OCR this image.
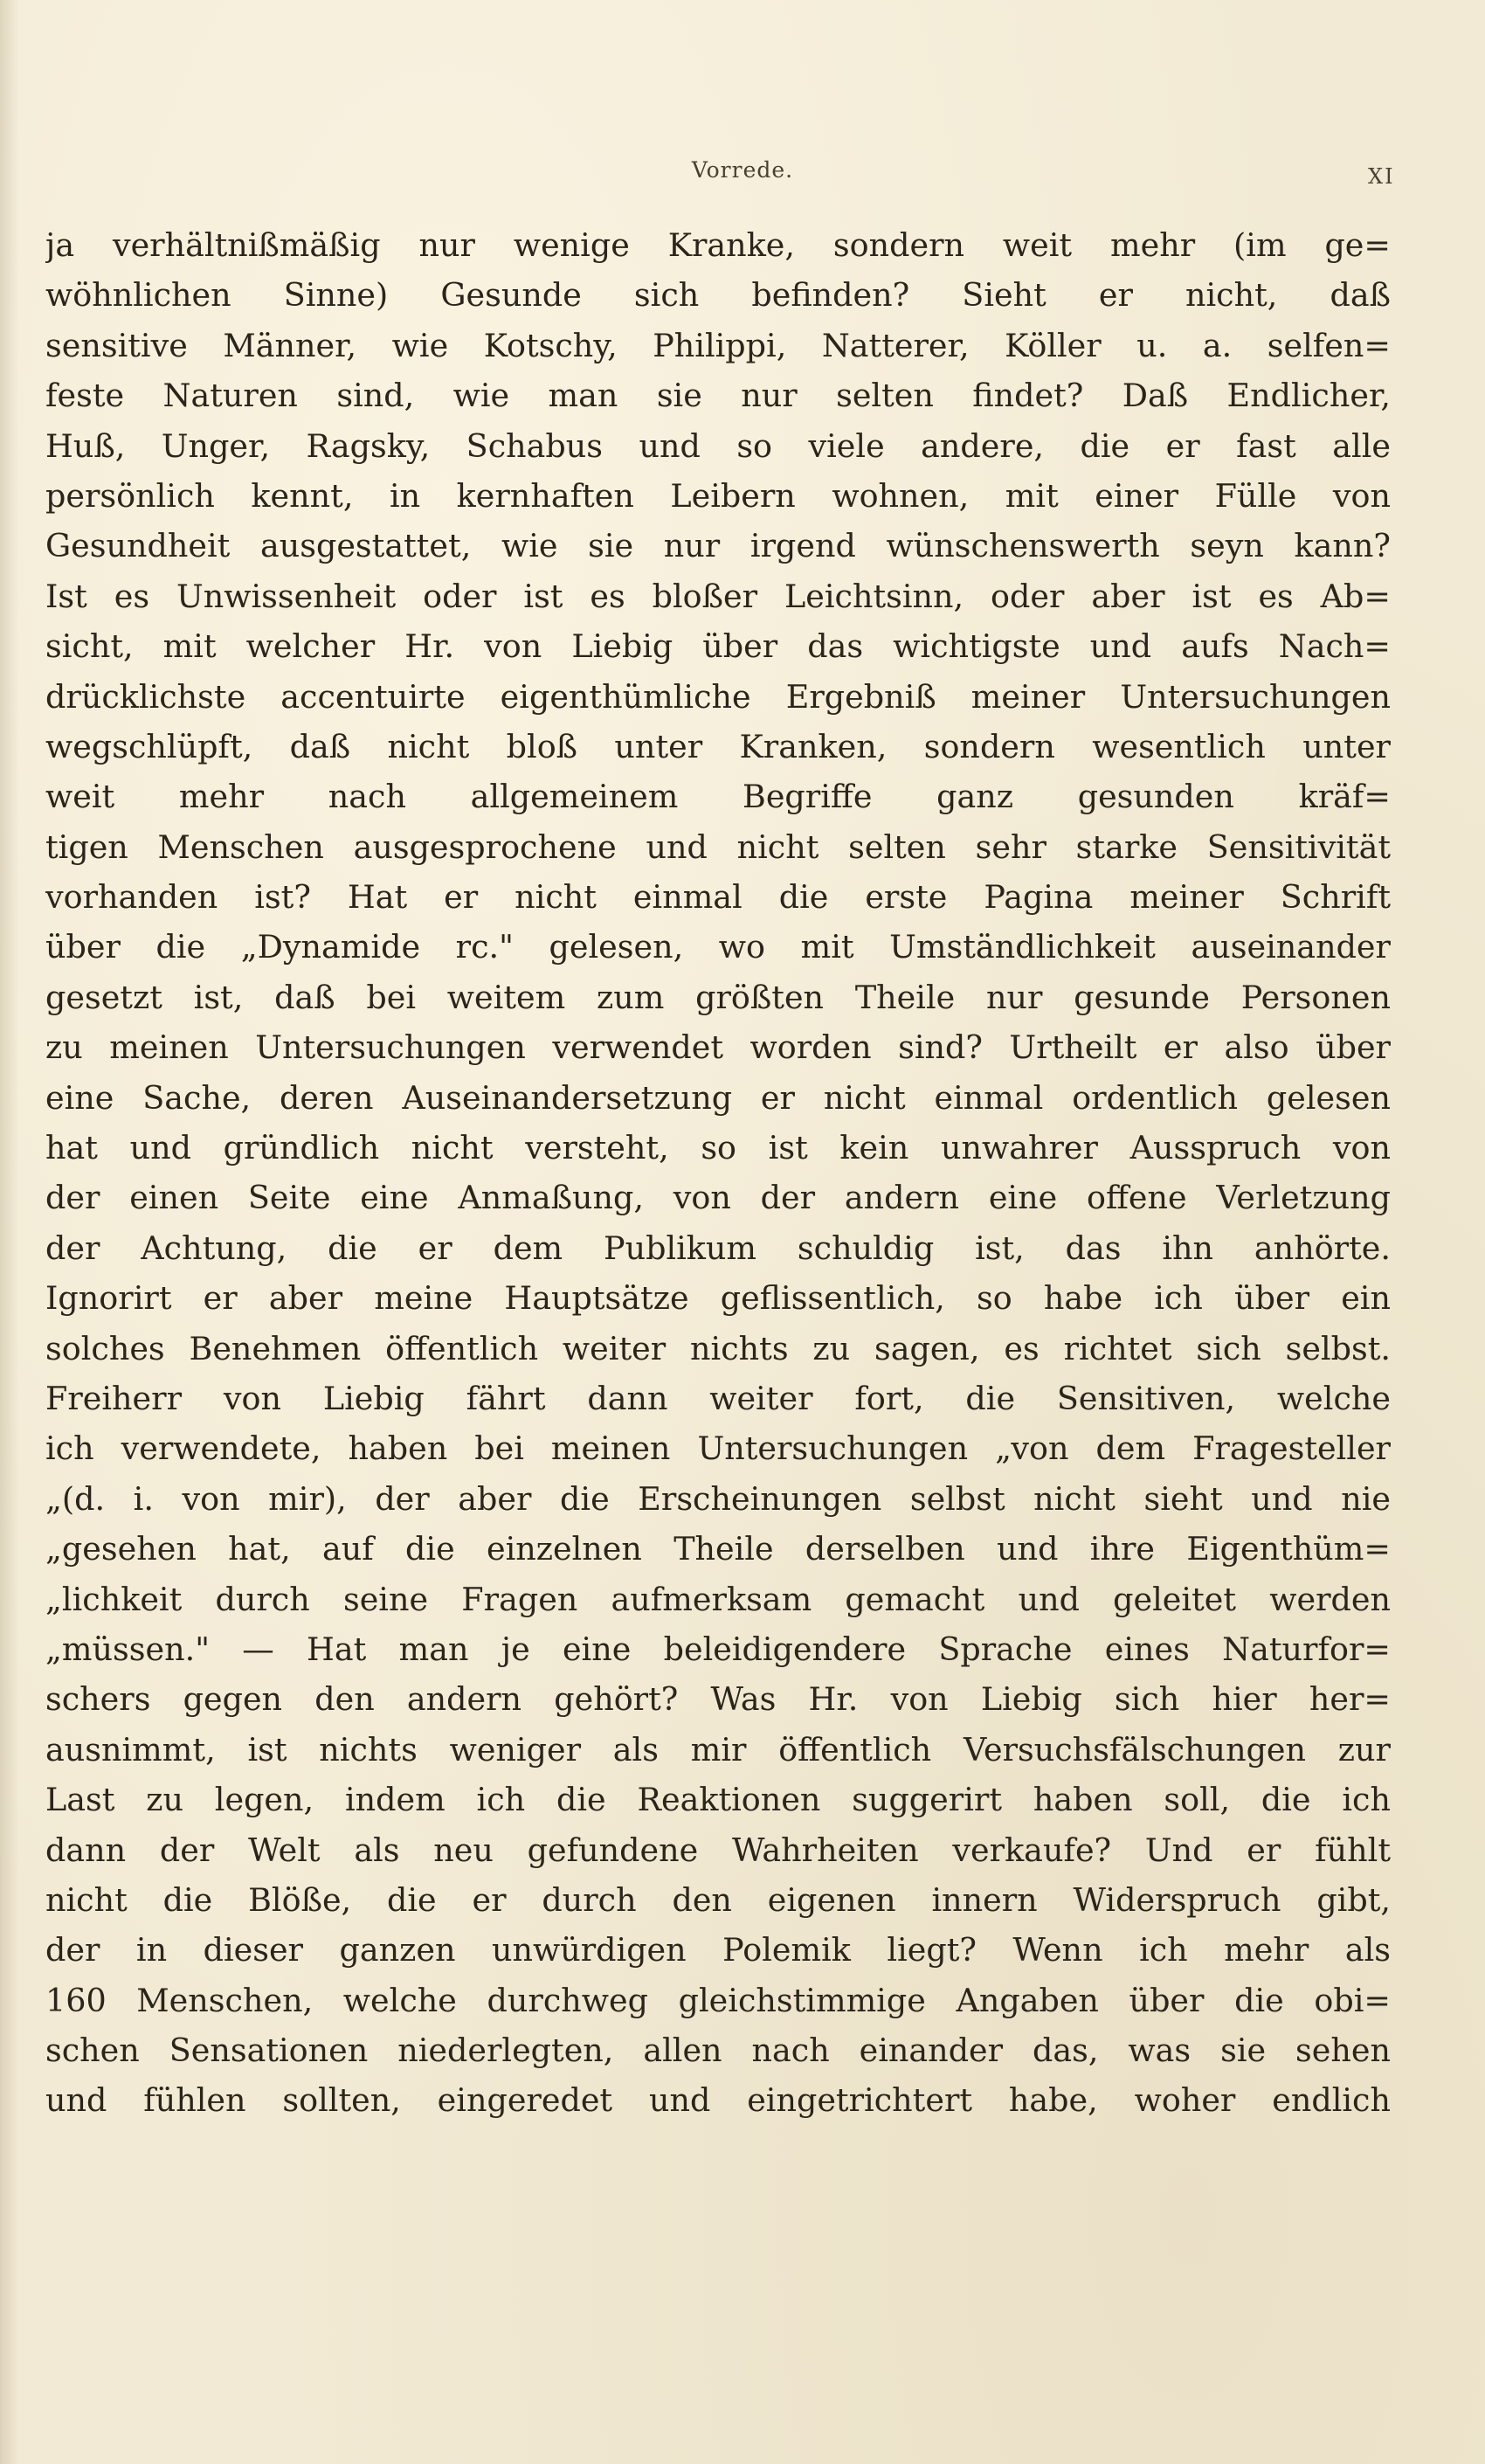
Vorrede.	XI
ja verhältnißmäßig nur wenige Kranke, sondern weit mehr (im ge=
wöhnlichen Sinne) Gesunde sich befinden? Sieht er nicht, daß
sensitive Männer, wie Kotschy, Philippi, Natterer, Köller u. a. selfen=
feste Naturen sind, wie man sie nur selten findet? Daß Endlicher,
Huß, Unger, Ragsky, Schabus und so viele andere, die er fast alle
persönlich kennt, in kernhaften Leibern wohnen, mit einer Fülle von
Gesundheit ausgestattet, wie sie nur irgend wünschenswerth seyn kann?
Ist es Unwissenheit oder ist es bloßer Leichtsinn, oder aber ist es Ab=
sicht, mit welcher Hr. von Liebig über das wichtigste und aufs Nach=
drücklichste accentuirte eigenthümliche Ergebniß meiner Untersuchungen
wegschlüpft, daß nicht bloß unter Kranken, sondern wesentlich unter
weit mehr nach allgemeinem Begriffe ganz gesunden kräf=
tigen Menschen ausgesprochene und nicht selten sehr starke Sensitivität
vorhanden ist? Hat er nicht einmal die erste Pagina meiner Schrift
über die „Dynamide rc." gelesen, wo mit Umständlichkeit auseinander
gesetzt ist, daß bei weitem zum größten Theile nur gesunde Personen
zu meinen Untersuchungen verwendet worden sind? Urtheilt er also über
eine Sache, deren Auseinandersetzung er nicht einmal ordentlich gelesen
hat und gründlich nicht versteht, so ist kein unwahrer Ausspruch von
der einen Seite eine Anmaßung, von der andern eine offene Verletzung
der Achtung, die er dem Publikum schuldig ist, das ihn anhörte.
Ignorirt er aber meine Hauptsätze geflissentlich, so habe ich über ein
solches Benehmen öffentlich weiter nichts zu sagen, es richtet sich selbst.
Freiherr von Liebig fährt dann weiter fort, die Sensitiven, welche
ich verwendete, haben bei meinen Untersuchungen „von dem Fragesteller
„(d. i. von mir), der aber die Erscheinungen selbst nicht sieht und nie
„gesehen hat, auf die einzelnen Theile derselben und ihre Eigenthüm=
„lichkeit durch seine Fragen aufmerksam gemacht und geleitet werden
„müssen." — Hat man je eine beleidigendere Sprache eines Naturfor=
schers gegen den andern gehört? Was Hr. von Liebig sich hier her=
ausnimmt, ist nichts weniger als mir öffentlich Versuchsfälschungen zur
Last zu legen, indem ich die Reaktionen suggerirt haben soll, die ich
dann der Welt als neu gefundene Wahrheiten verkaufe? Und er fühlt
nicht die Blöße, die er durch den eigenen innern Widerspruch gibt,
der in dieser ganzen unwürdigen Polemik liegt? Wenn ich mehr als
160 Menschen, welche durchweg gleichstimmige Angaben über die obi=
schen Sensationen niederlegten, allen nach einander das, was sie sehen
und fühlen sollten, eingeredet und eingetrichtert habe, woher endlich
